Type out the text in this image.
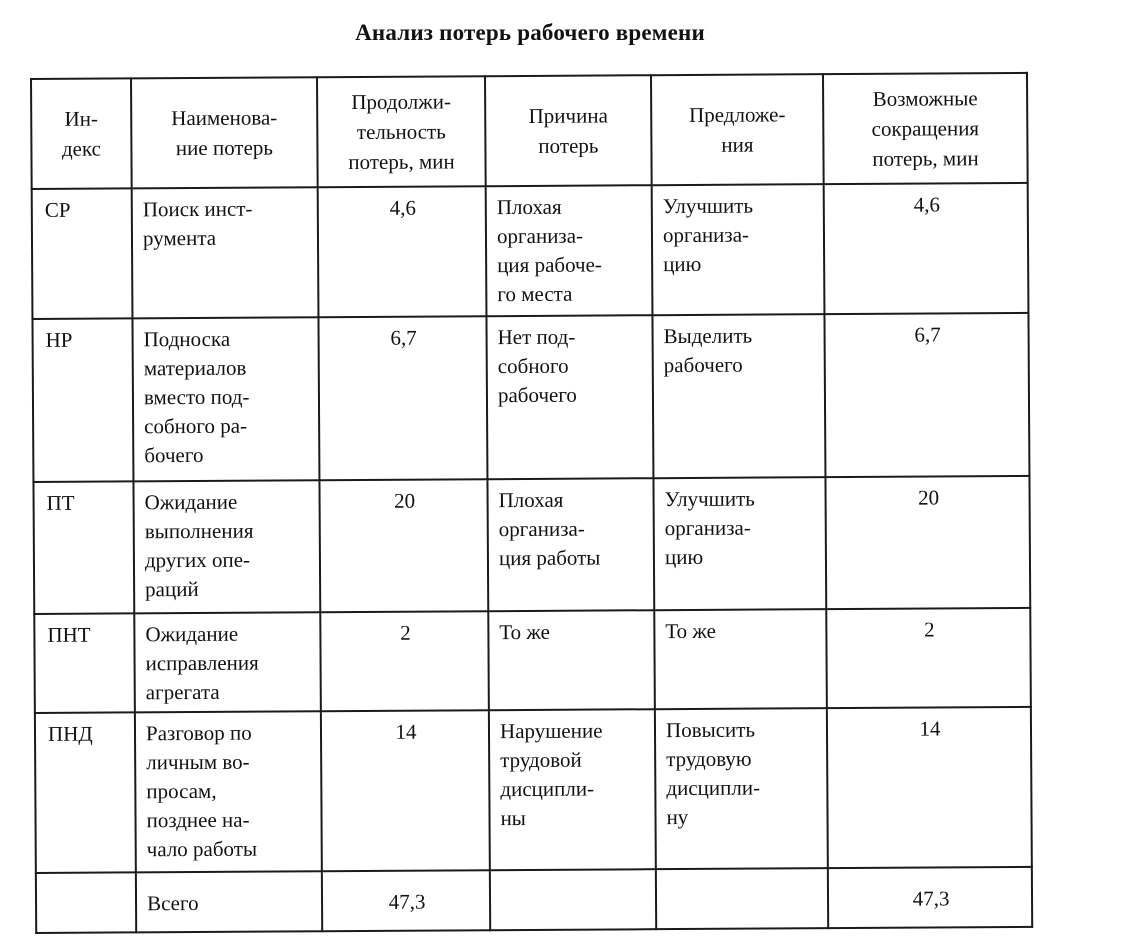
Анализ потерь рабочего времени
Ин-
декс	Наименова-
ние потерь	Продолжи-
тельность
потерь, мин	Причина
потерь	Предложе-
ния	Возможные
сокращения
потерь, мин
СР	Поиск инст-
румента	4,6	Плохая
организа-
ция рабоче-
го места	Улучшить
организа-
цию	4,6
НР	Подноска
материалов
вместо под-
собного ра-
бочего	6,7	Нет под-
собного
рабочего	Выделить
рабочего	6,7
ПТ	Ожидание
выполнения
других опе-
раций	20	Плохая
организа-
ция работы	Улучшить
организа-
цию	20
ПНТ	Ожидание
исправления
агрегата	2	То же	То же	2
ПНД	Разговор по
личным во-
просам,
позднее на-
чало работы	14	Нарушение
трудовой
дисципли-
ны	Повысить
трудовую
дисципли-
ну	14
	Всего	47,3			47,3
